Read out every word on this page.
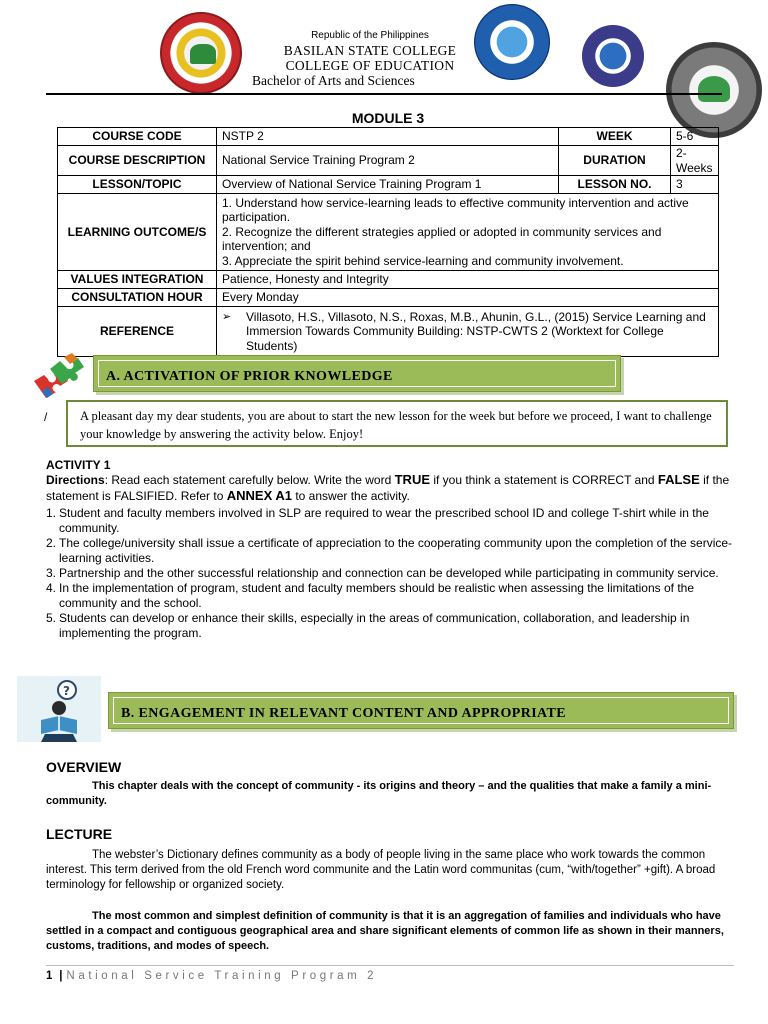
Republic of the Philippines
BASILAN STATE COLLEGE
COLLEGE OF EDUCATION
Bachelor of Arts and Sciences
MODULE 3
COURSE CODE	NSTP 2	WEEK	5-6
COURSE DESCRIPTION	National Service Training Program 2	DURATION	2-Weeks
LESSON/TOPIC	Overview of National Service Training Program 1	LESSON NO.	3
LEARNING OUTCOME/S	1. Understand how service-learning leads to effective community intervention and active participation.
2. Recognize the different strategies applied or adopted in community services and intervention; and
3. Appreciate the spirit behind service-learning and community involvement.		

VALUES INTEGRATION	Patience, Honesty and Integrity		
CONSULTATION HOUR	Every Monday		
REFERENCE	➢ Villasoto, H.S., Villasoto, N.S., Roxas, M.B., Ahunin, G.L., (2015) Service Learning and Immersion Towards Community Building: NSTP-CWTS 2 (Worktext for College Students)		
A. ACTIVATION OF PRIOR KNOWLEDGE
/	A pleasant day my dear students, you are about to start the new lesson for the week but before we proceed, I want to challenge your knowledge by answering the activity below. Enjoy!
ACTIVITY 1
Directions: Read each statement carefully below. Write the word TRUE if you think a statement is CORRECT and FALSE if the statement is FALSIFIED. Refer to ANNEX A1 to answer the activity.
1. Student and faculty members involved in SLP are required to wear the prescribed school ID and college T-shirt while in the community.
2. The college/university shall issue a certificate of appreciation to the cooperating community upon the completion of the service-learning activities.
3. Partnership and the other successful relationship and connection can be developed while participating in community service.
4. In the implementation of program, student and faculty members should be realistic when assessing the limitations of the community and the school.
5. Students can develop or enhance their skills, especially in the areas of communication, collaboration, and leadership in implementing the program.
?
B. ENGAGEMENT IN RELEVANT CONTENT AND APPROPRIATE
OVERVIEW
This chapter deals with the concept of community - its origins and theory – and the qualities that make a family a mini-community.
LECTURE
The webster’s Dictionary defines community as a body of people living in the same place who work towards the common interest. This term derived from the old French word communite and the Latin word communitas (cum, “with/together” +gift). A broad terminology for fellowship or organized society.
The most common and simplest definition of community is that it is an aggregation of families and individuals who have settled in a compact and contiguous geographical area and share significant elements of common life as shown in their manners, customs, traditions, and modes of speech.
1 | National Service Training Program 2
